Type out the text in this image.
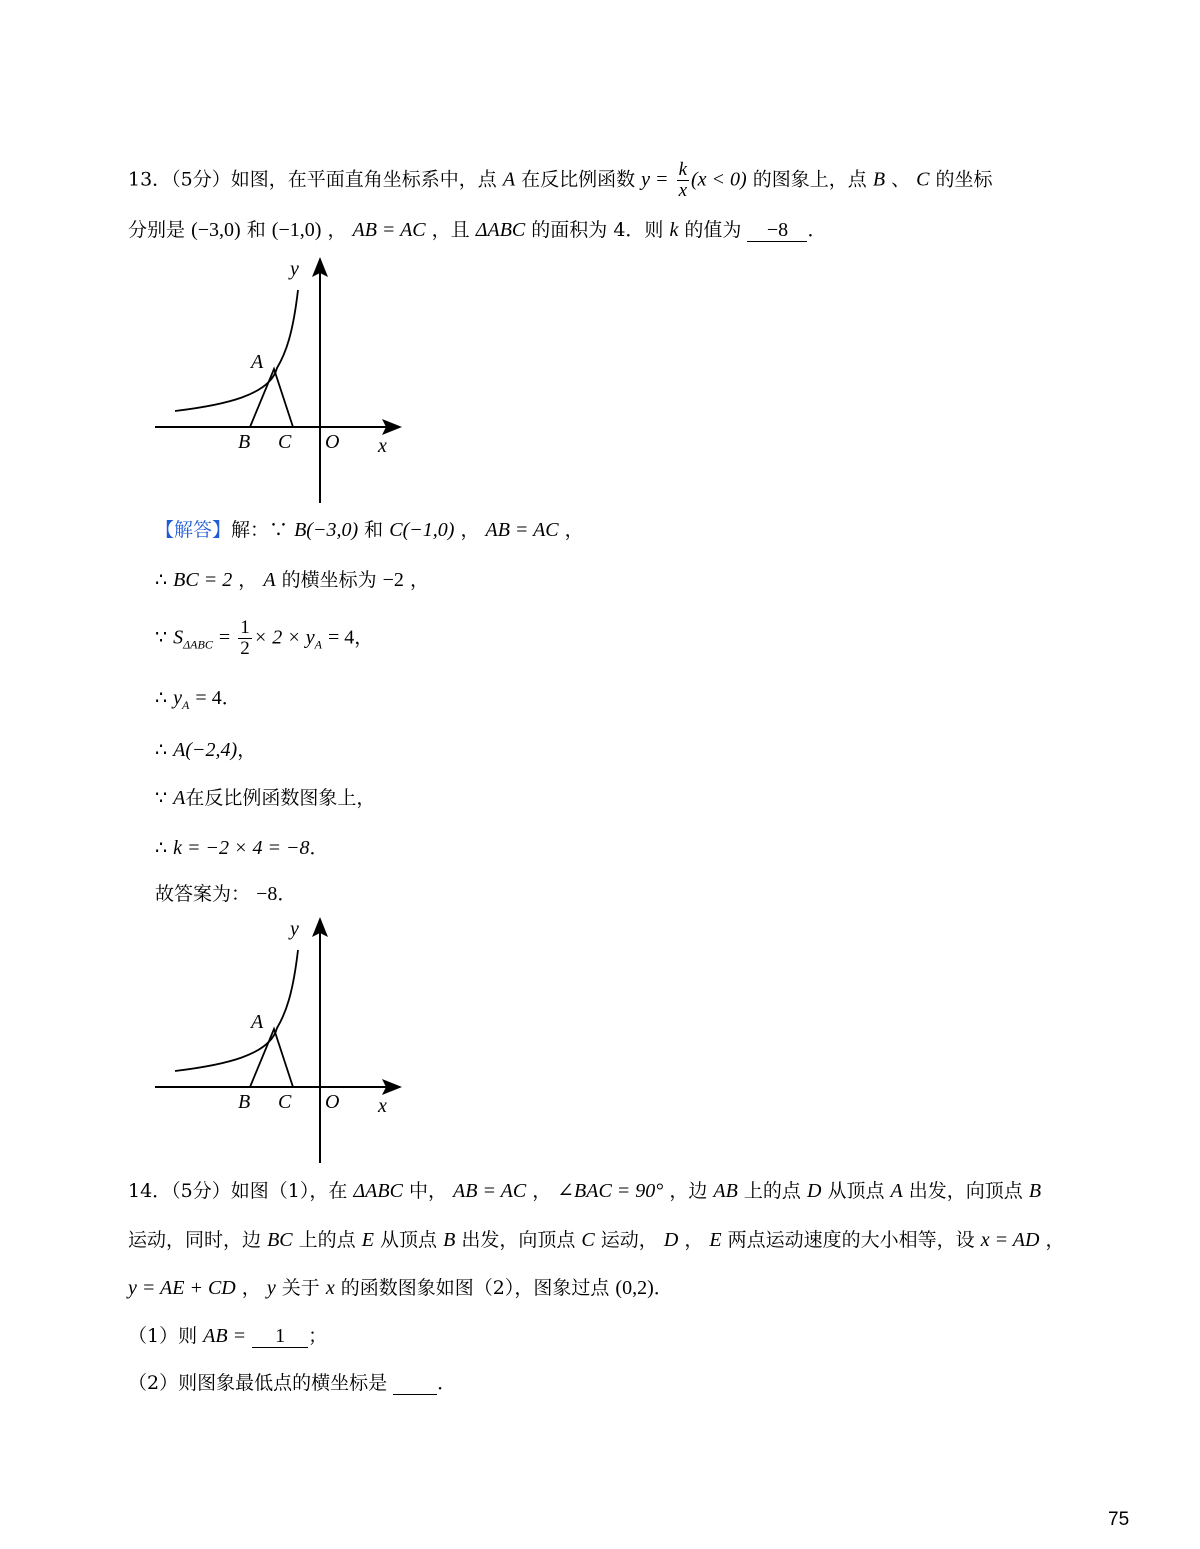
13．（5分）如图，在平面直角坐标系中，点 A 在反比例函数 $y = \frac{k}{x} (x < 0)$ 的图象上，点 B 、 C 的坐标
分别是 (−3,0) 和 (−1,0) ， AB = AC ，且 ΔABC 的面积为 4．则 k 的值为 −8 ．
y
x
O
A
B C
【解答】解：∵ B(−3,0) 和 C(−1,0) ， AB = AC ，
∴ BC = 2 ， A 的横坐标为 −2 ，
∵ $S_{\Delta ABC} = \frac{1}{2} \times 2 \times y_A = 4$，
∴ $y_A = 4$．
∴ A(−2,4)，
∵ A在反比例函数图象上，
∴ k = −2 × 4 = −8．
故答案为： −8．
y
x
O
A
B C
14．（5分）如图（1），在 ΔABC 中， AB = AC ， ∠BAC = 90° ，边 AB 上的点 D 从顶点 A 出发，向顶点 B
运动，同时，边 BC 上的点 E 从顶点 B 出发，向顶点 C 运动， D ， E 两点运动速度的大小相等，设 x = AD ，
y = AE + CD ， y 关于 x 的函数图象如图（2），图象过点 (0,2)．
（1）则 AB = 1 ；
（2）则图象最低点的横坐标是	．
75
